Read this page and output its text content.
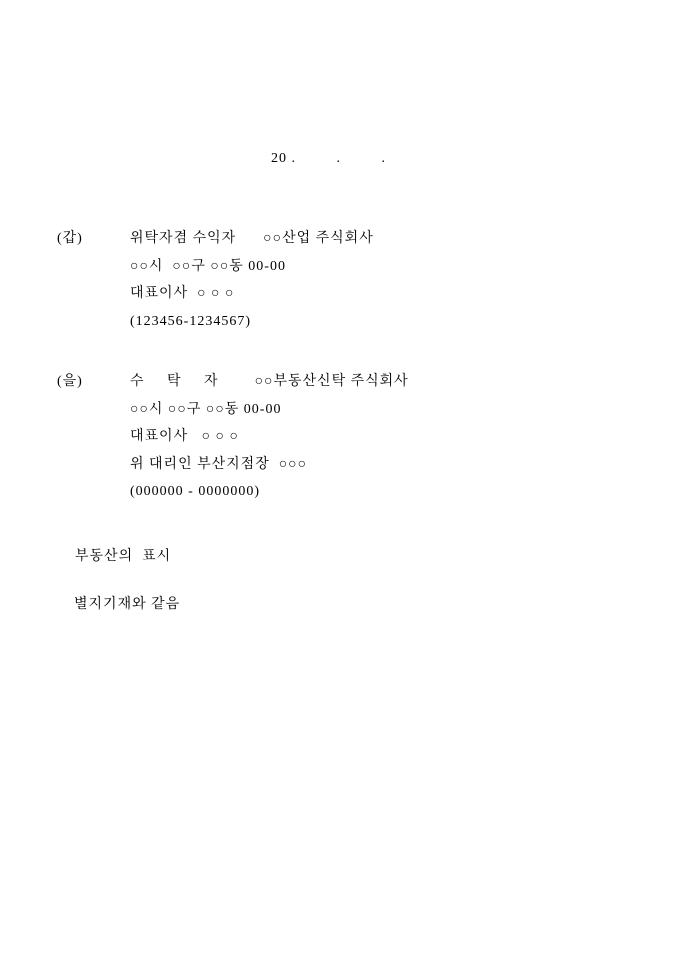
20 .         .         .
(갑)	위탁자겸 수익자      ○○산업 주식회사
○○시  ○○구 ○○동 00-00
대표이사  ○ ○ ○
(123456-1234567)
(을)	수     탁     자        ○○부동산신탁 주식회사
○○시 ○○구 ○○동 00-00
대표이사   ○ ○ ○
위 대리인 부산지점장  ○○○
(000000 - 0000000)
부동산의  표시
별지기재와 같음
